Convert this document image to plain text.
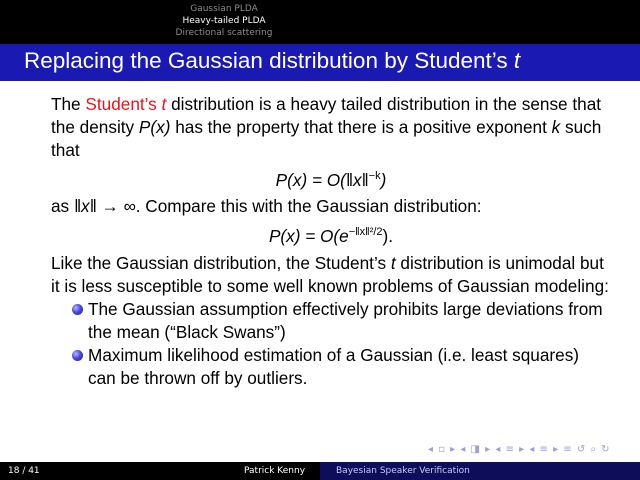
Gaussian PLDA
Heavy-tailed PLDA
Directional scattering
Replacing the Gaussian distribution by Student’s t

The Student’s t distribution is a heavy tailed distribution in the sense that the density P(x) has the property that there is a positive exponent k such that

P(x) = O(‖x‖$^{-k}$)

as ‖x‖ → ∞. Compare this with the Gaussian distribution:

$P(x) = O(e^{-‖x‖^2/2})$.

Like the Gaussian distribution, the Student’s t distribution is unimodal but it is less susceptible to some well known problems of Gaussian modeling:

The Gaussian assumption effectively prohibits large deviations from the mean (“Black Swans”)
Maximum likelihood estimation of a Gaussian (i.e. least squares) can be thrown off by outliers.
◂ ▫ ▸ ◂ ◨ ▸ ◂ ≡ ▸ ◂ ≡ ▸ ≡ ↺ ⌕ ↻
18 / 41	Patrick Kenny	Bayesian Speaker Verification
